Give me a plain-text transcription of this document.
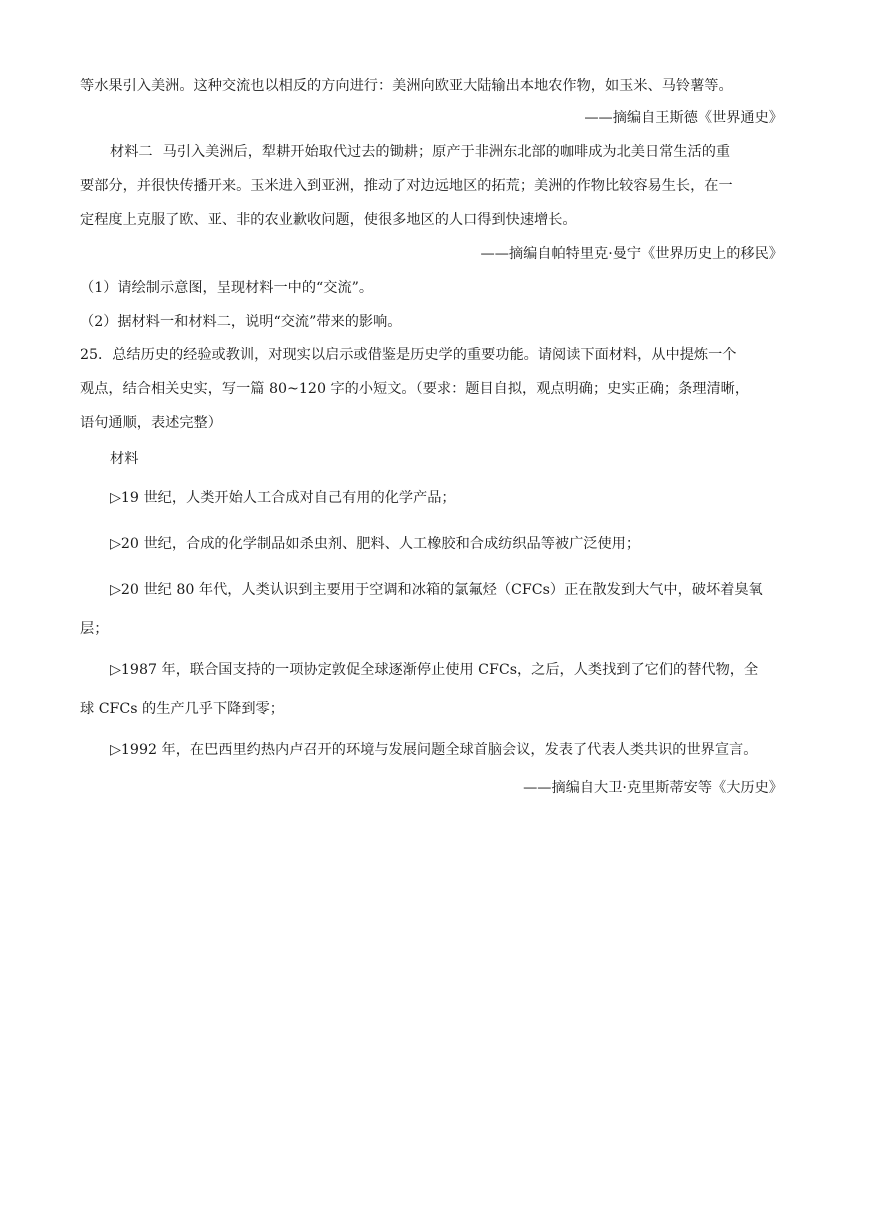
等水果引入美洲。这种交流也以相反的方向进行：美洲向欧亚大陆输出本地农作物，如玉米、马铃薯等。
——摘编自王斯德《世界通史》
材料二 马引入美洲后，犁耕开始取代过去的锄耕；原产于非洲东北部的咖啡成为北美日常生活的重
要部分，并很快传播开来。玉米进入到亚洲，推动了对边远地区的拓荒；美洲的作物比较容易生长，在一
定程度上克服了欧、亚、非的农业歉收问题，使很多地区的人口得到快速增长。
——摘编自帕特里克·曼宁《世界历史上的移民》
（1）请绘制示意图，呈现材料一中的“交流”。
（2）据材料一和材料二，说明“交流”带来的影响。
25．总结历史的经验或教训，对现实以启示或借鉴是历史学的重要功能。请阅读下面材料，从中提炼一个
观点，结合相关史实，写一篇 80~120 字的小短文。（要求：题目自拟，观点明确；史实正确；条理清晰，
语句通顺，表述完整）
材料
▷19 世纪，人类开始人工合成对自己有用的化学产品；
▷20 世纪，合成的化学制品如杀虫剂、肥料、人工橡胶和合成纺织品等被广泛使用；
▷20 世纪 80 年代，人类认识到主要用于空调和冰箱的氯氟烃（CFCs）正在散发到大气中，破坏着臭氧
层；
▷1987 年，联合国支持的一项协定敦促全球逐渐停止使用 CFCs，之后，人类找到了它们的替代物，全
球 CFCs 的生产几乎下降到零；
▷1992 年，在巴西里约热内卢召开的环境与发展问题全球首脑会议，发表了代表人类共识的世界宣言。
——摘编自大卫·克里斯蒂安等《大历史》
